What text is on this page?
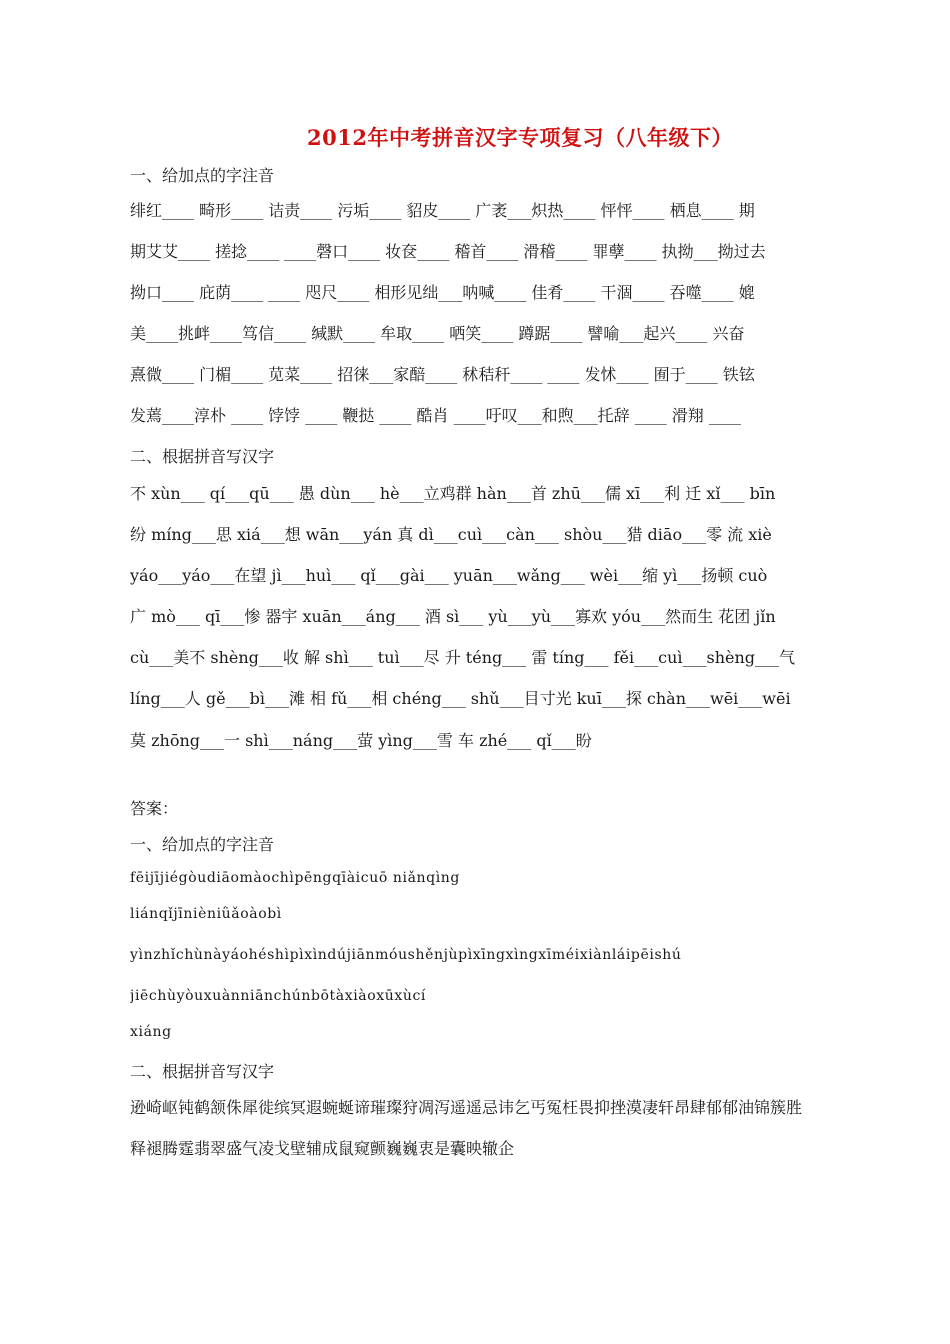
2012年中考拼音汉字专项复习（八年级下）
一、给加点的字注音
绯红____ 畸形____ 诘责____ 污垢____ 貂皮____ 广袤___炽热____ 怦怦____ 栖息____ 期
期艾艾____ 搓捻____ ____磬口____ 妆奁____ 稽首____ 滑稽____ 罪孽____ 执拗___拗过去
拗口____ 庇荫____ ____ 咫尺____ 相形见绌___呐喊____ 佳肴____ 干涸____ 吞噬____ 媲
美____挑衅____笃信____ 缄默____ 牟取____ 哂笑____ 蹲踞____ 譬喻___起兴____ 兴奋
熹微____ 门楣____ 苋菜____ 招徕___家醅____ 秫秸秆____ ____ 发怵____ 囿于____ 铁铉
发蔫____淳朴 ____ 饽饽 ____ 鞭挞 ____ 酷肖 ____吁叹___和煦___托辞 ____ 滑翔 ____
二、根据拼音写汉字
不 xùn___ qí___qū___ 愚 dùn___ hè___立鸡群 hàn___首 zhū___儒 xī___利 迁 xǐ___ bīn
纷 míng___思 xiá___想 wān___yán 真 dì___cuì___càn___ shòu___猎 diāo___零 流 xiè
yáo___yáo___在望 jì___huì___ qǐ___gài___ yuān___wǎng___ wèi___缩 yì___扬顿 cuò
广 mò___ qī___惨 器宇 xuān___áng___ 酒 sì___ yù___yù___寡欢 yóu___然而生 花团 jǐn
cù___美不 shèng___收 解 shì___ tuì___尽 升 téng___ 雷 tíng___ fěi___cuì___shèng___气
líng___人 gě___bì___滩 相 fǔ___相 chéng___ shǔ___目寸光 kuī___探 chàn___wēi___wēi
莫 zhōng___一 shì___náng___萤 yìng___雪 车 zhé___ qǐ___盼
答案：
一、给加点的字注音
fēijījiégòudiāomàochìpēngqīàicuō niǎnqìng
liánqǐjīnièniǜǎoàobì
yìnzhǐchùnàyáohéshìpìxìndújiānmóushěnjùpìxīngxìngxīméixiànláipēishú
jiēchùyòuxuànniānchúnbōtàxiàoxūxùcí
xiáng
二、根据拼音写汉字
逊崎岖钝鹤颔侏犀徙缤冥遐蜿蜒谛璀璨狩凋泻遥遥忌讳乞丐冤枉畏抑挫漠凄轩昂肆郁郁油锦簇胜
释褪腾霆翡翠盛气凌戈壁辅成鼠窥颤巍巍衷是囊映辙企
